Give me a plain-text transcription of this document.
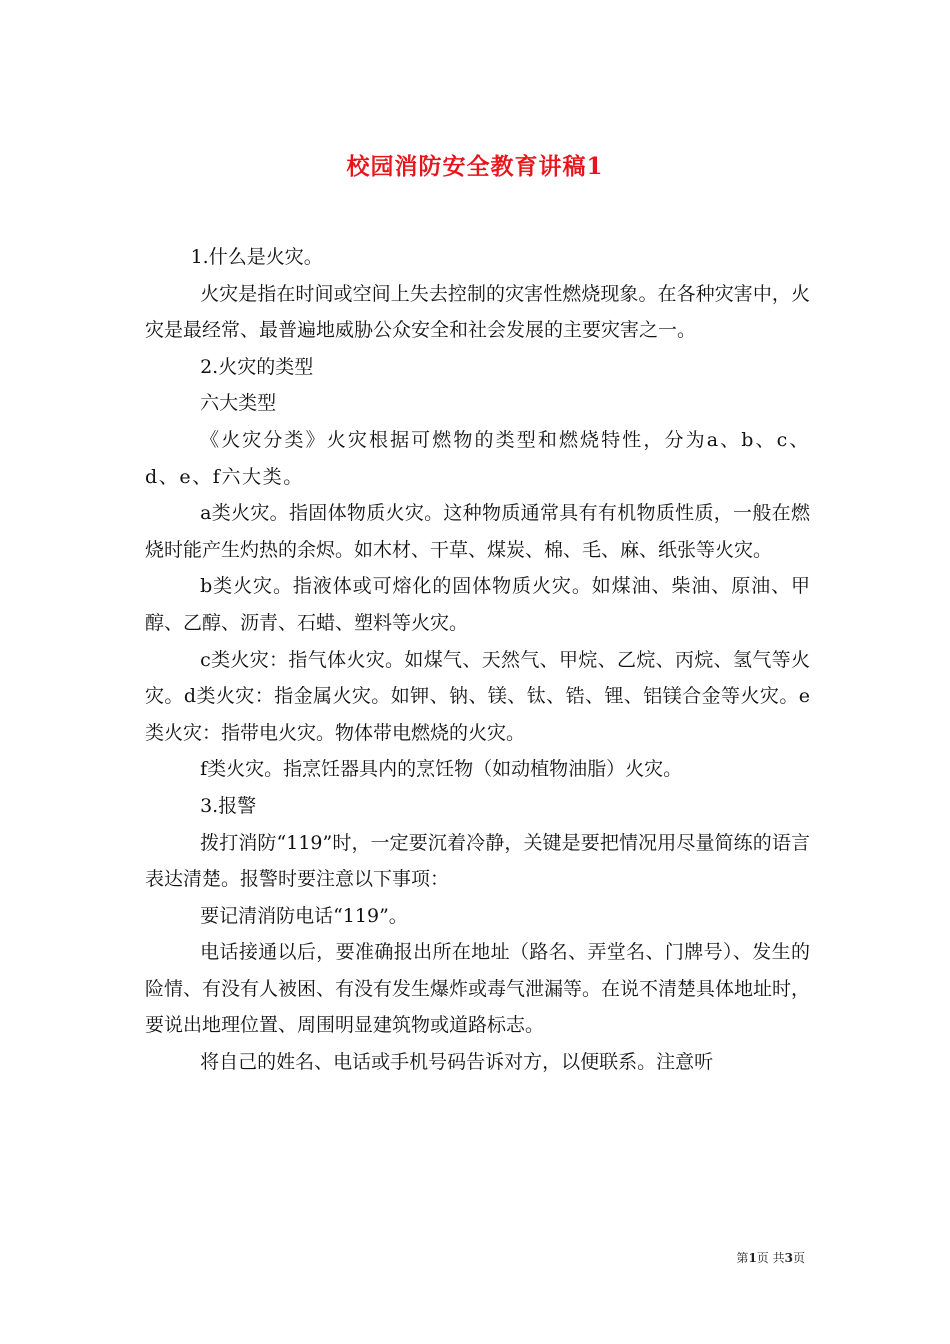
校园消防安全教育讲稿1

1.什么是火灾。

火灾是指在时间或空间上失去控制的灾害性燃烧现象。在各种灾害中，火灾是最经常、最普遍地威胁公众安全和社会发展的主要灾害之一。

2.火灾的类型

六大类型

《火灾分类》火灾根据可燃物的类型和燃烧特性，分为a、b、c、d、e、f六大类。

a类火灾。指固体物质火灾。这种物质通常具有有机物质性质，一般在燃烧时能产生灼热的余烬。如木材、干草、煤炭、棉、毛、麻、纸张等火灾。

b类火灾。指液体或可熔化的固体物质火灾。如煤油、柴油、原油、甲醇、乙醇、沥青、石蜡、塑料等火灾。

c类火灾：指气体火灾。如煤气、天然气、甲烷、乙烷、丙烷、氢气等火灾。d类火灾：指金属火灾。如钾、钠、镁、钛、锆、锂、铝镁合金等火灾。e类火灾：指带电火灾。物体带电燃烧的火灾。

f类火灾。指烹饪器具内的烹饪物（如动植物油脂）火灾。

3.报警

拨打消防“119”时，一定要沉着冷静，关键是要把情况用尽量简练的语言表达清楚。报警时要注意以下事项：

要记清消防电话“119”。

电话接通以后，要准确报出所在地址（路名、弄堂名、门牌号）、发生的险情、有没有人被困、有没有发生爆炸或毒气泄漏等。在说不清楚具体地址时，要说出地理位置、周围明显建筑物或道路标志。

将自己的姓名、电话或手机号码告诉对方，以便联系。注意听

第1页 共3页
